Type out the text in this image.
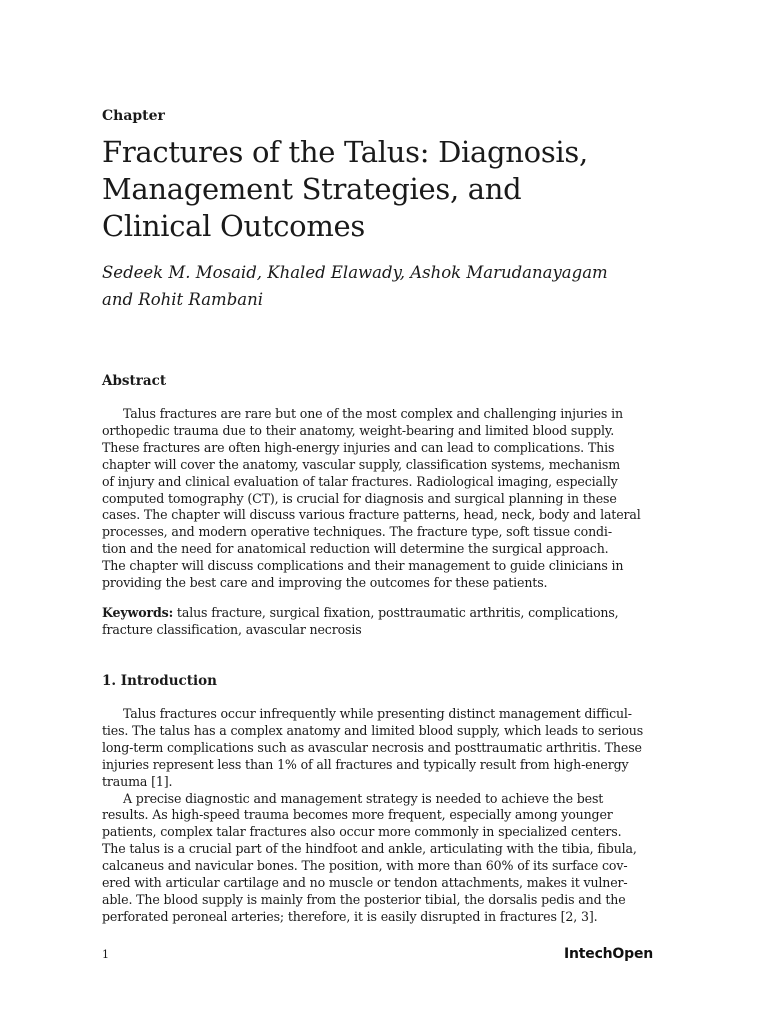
Chapter
Fractures of the Talus: Diagnosis,
Management Strategies, and
Clinical Outcomes
Sedeek M. Mosaid, Khaled Elawady, Ashok Marudanayagam
and Rohit Rambani
Abstract
Talus fractures are rare but one of the most complex and challenging injuries in
orthopedic trauma due to their anatomy, weight-bearing and limited blood supply.
These fractures are often high-energy injuries and can lead to complications. This
chapter will cover the anatomy, vascular supply, classification systems, mechanism
of injury and clinical evaluation of talar fractures. Radiological imaging, especially
computed tomography (CT), is crucial for diagnosis and surgical planning in these
cases. The chapter will discuss various fracture patterns, head, neck, body and lateral
processes, and modern operative techniques. The fracture type, soft tissue condi-
tion and the need for anatomical reduction will determine the surgical approach.
The chapter will discuss complications and their management to guide clinicians in
providing the best care and improving the outcomes for these patients.
Keywords: talus fracture, surgical fixation, posttraumatic arthritis, complications,
fracture classification, avascular necrosis
1. Introduction
Talus fractures occur infrequently while presenting distinct management difficul-
ties. The talus has a complex anatomy and limited blood supply, which leads to serious
long-term complications such as avascular necrosis and posttraumatic arthritis. These
injuries represent less than 1% of all fractures and typically result from high-energy
trauma [1].
A precise diagnostic and management strategy is needed to achieve the best
results. As high-speed trauma becomes more frequent, especially among younger
patients, complex talar fractures also occur more commonly in specialized centers.
The talus is a crucial part of the hindfoot and ankle, articulating with the tibia, fibula,
calcaneus and navicular bones. The position, with more than 60% of its surface cov-
ered with articular cartilage and no muscle or tendon attachments, makes it vulner-
able. The blood supply is mainly from the posterior tibial, the dorsalis pedis and the
perforated peroneal arteries; therefore, it is easily disrupted in fractures [2, 3].
1	IntechOpen
